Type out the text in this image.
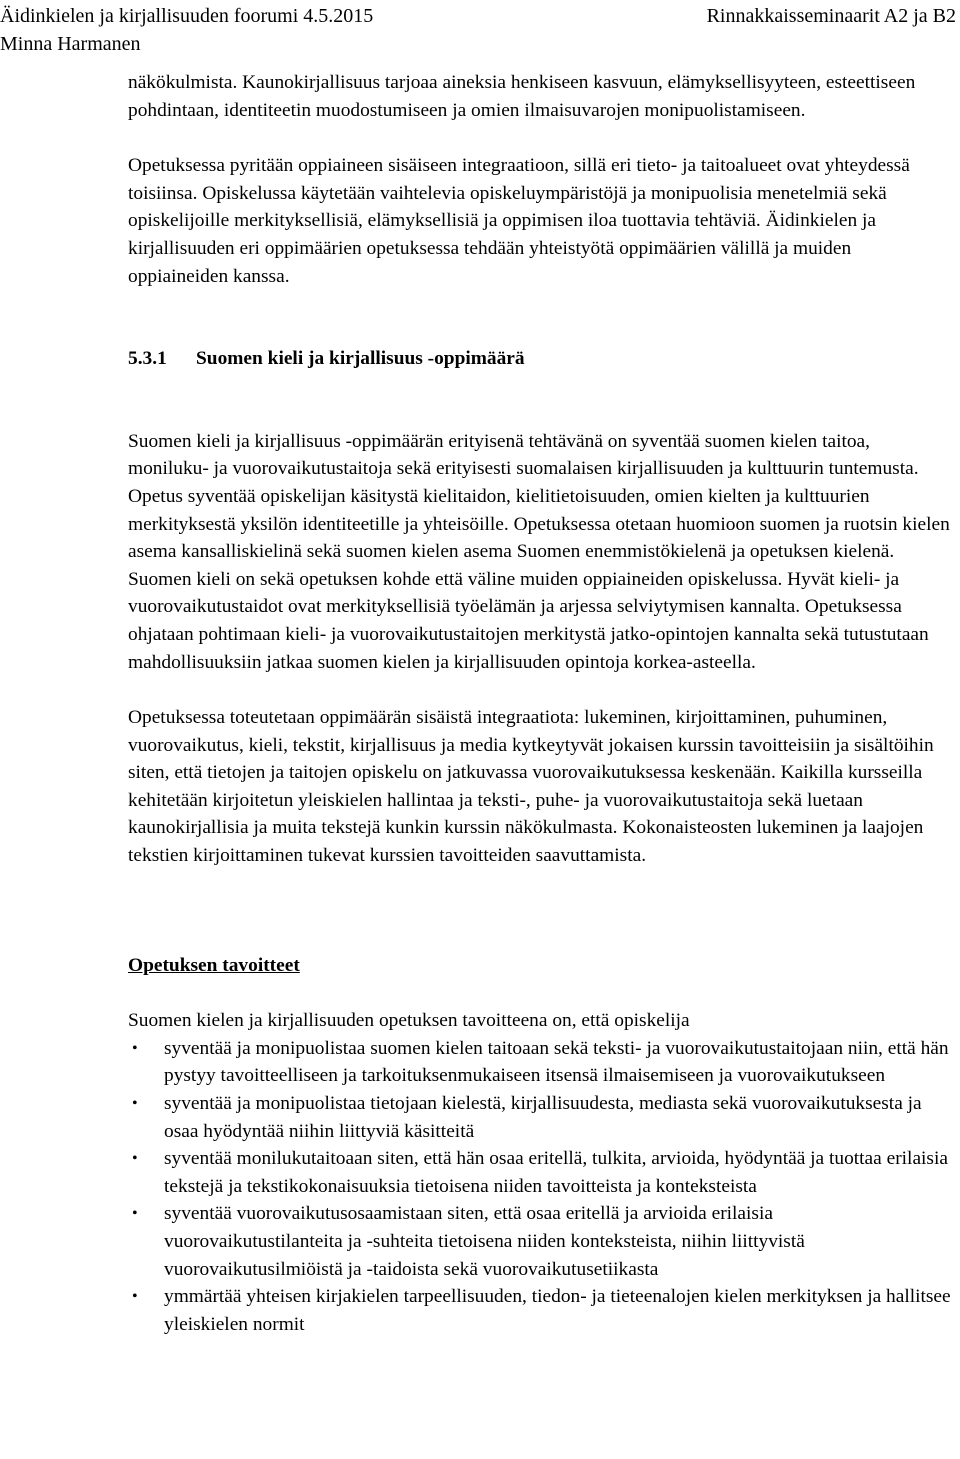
Äidinkielen ja kirjallisuuden foorumi 4.5.2015	Rinnakkaisseminaarit A2 ja B2
Minna Harmanen

näkökulmista. Kaunokirjallisuus tarjoaa aineksia henkiseen kasvuun, elämyksellisyyteen, esteettiseen pohdintaan, identiteetin muodostumiseen ja omien ilmaisuvarojen monipuolistamiseen.

Opetuksessa pyritään oppiaineen sisäiseen integraatioon, sillä eri tieto- ja taitoalueet ovat yhteydessä toisiinsa. Opiskelussa käytetään vaihtelevia opiskeluympäristöjä ja monipuolisia menetelmiä sekä opiskelijoille merkityksellisiä, elämyksellisiä ja oppimisen iloa tuottavia tehtäviä. Äidinkielen ja kirjallisuuden eri oppimäärien opetuksessa tehdään yhteistyötä oppimäärien välillä ja muiden oppiaineiden kanssa.

5.3.1 Suomen kieli ja kirjallisuus -oppimäärä

Suomen kieli ja kirjallisuus -oppimäärän erityisenä tehtävänä on syventää suomen kielen taitoa, moniluku- ja vuorovaikutustaitoja sekä erityisesti suomalaisen kirjallisuuden ja kulttuurin tuntemusta. Opetus syventää opiskelijan käsitystä kielitaidon, kielitietoisuuden, omien kielten ja kulttuurien merkityksestä yksilön identiteetille ja yhteisöille. Opetuksessa otetaan huomioon suomen ja ruotsin kielen asema kansalliskielinä sekä suomen kielen asema Suomen enemmistökielenä ja opetuksen kielenä. Suomen kieli on sekä opetuksen kohde että väline muiden oppiaineiden opiskelussa. Hyvät kieli- ja vuorovaikutustaidot ovat merkityksellisiä työelämän ja arjessa selviytymisen kannalta. Opetuksessa ohjataan pohtimaan kieli- ja vuorovaikutustaitojen merkitystä jatko-opintojen kannalta sekä tutustutaan mahdollisuuksiin jatkaa suomen kielen ja kirjallisuuden opintoja korkea-asteella.

Opetuksessa toteutetaan oppimäärän sisäistä integraatiota: lukeminen, kirjoittaminen, puhuminen, vuorovaikutus, kieli, tekstit, kirjallisuus ja media kytkeytyvät jokaisen kurssin tavoitteisiin ja sisältöihin siten, että tietojen ja taitojen opiskelu on jatkuvassa vuorovaikutuksessa keskenään. Kaikilla kursseilla kehitetään kirjoitetun yleiskielen hallintaa ja teksti-, puhe- ja vuorovaikutustaitoja sekä luetaan kaunokirjallisia ja muita tekstejä kunkin kurssin näkökulmasta. Kokonaisteosten lukeminen ja laajojen tekstien kirjoittaminen tukevat kurssien tavoitteiden saavuttamista.

Opetuksen tavoitteet

Suomen kielen ja kirjallisuuden opetuksen tavoitteena on, että opiskelija

• syventää ja monipuolistaa suomen kielen taitoaan sekä teksti- ja vuorovaikutustaitojaan niin, että hän pystyy tavoitteelliseen ja tarkoituksenmukaiseen itsensä ilmaisemiseen ja vuorovaikutukseen
• syventää ja monipuolistaa tietojaan kielestä, kirjallisuudesta, mediasta sekä vuorovaikutuksesta ja osaa hyödyntää niihin liittyviä käsitteitä
• syventää monilukutaitoaan siten, että hän osaa eritellä, tulkita, arvioida, hyödyntää ja tuottaa erilaisia tekstejä ja tekstikokonaisuuksia tietoisena niiden tavoitteista ja konteksteista
• syventää vuorovaikutusosaamistaan siten, että osaa eritellä ja arvioida erilaisia vuorovaikutustilanteita ja -suhteita tietoisena niiden konteksteista, niihin liittyvistä vuorovaikutusilmiöistä ja -taidoista sekä vuorovaikutusetiikasta
• ymmärtää yhteisen kirjakielen tarpeellisuuden, tiedon- ja tieteenalojen kielen merkityksen ja hallitsee yleiskielen normit
